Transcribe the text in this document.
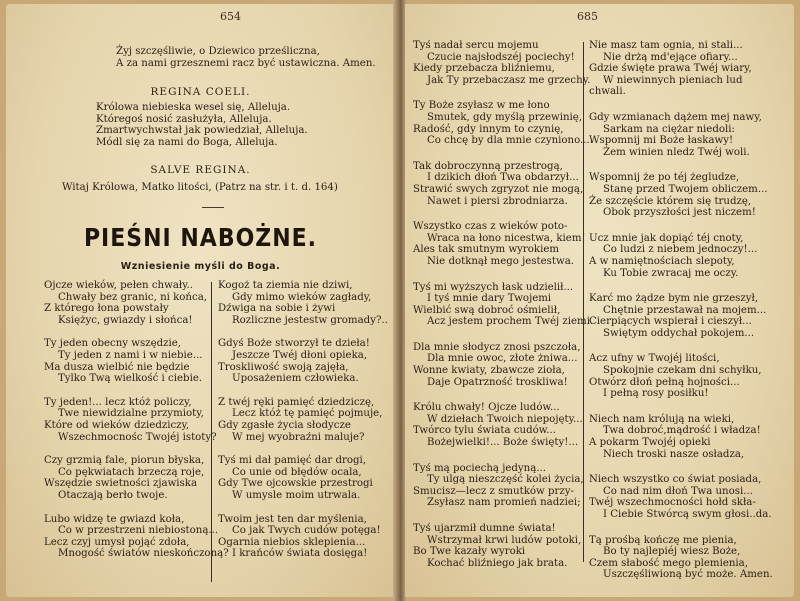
654
Żyj szczęśliwie, o Dziewico prześliczna,
A za nami grzesznemi racz być ustawiczna. Amen.
REGINA COELI.
Królowa niebieska wesel się, Alleluja.
Któregoś nosić zasłużyła, Alleluja.
Zmartwychwstał jak powiedział, Alleluja.
Módl się za nami do Boga, Alleluja.
SALVE REGINA.
Witaj Królowa, Matko litości, (Patrz na str. i t. d. 164)
PIEŚNI NABOŻNE.
Wzniesienie myśli do Boga.
Ojcze wieków, pełen chwały..
Chwały bez granic, ni końca,
Z którego łona powstały
Księżyc, gwiazdy i słońca!
Ty jeden obecny wszędzie,
Ty jeden z nami i w niebie...
Ma dusza wielbić nie będzie
Tylko Twą wielkość i ciebie.
Ty jeden!... lecz któż policzy,
Twe niewidzialne przymioty,
Które od wieków dziedziczy,
Wszechmocnośc Twojéj istoty?
Czy grzmią fale, piorun błyska,
Co pękwiatach brzeczą roje,
Wszędzie swietności zjawiska
Otaczają berło twoje.
Lubo widzę te gwiazd koła,
Co w przestrzeni niebiostoną...
Lecz czyj umysł pojąć zdoła,
Mnogość światów nieskończoną?
Kogoż ta ziemia nie dziwi,
Gdy mimo wieków zagłady,
Dźwiga na sobie i żywi
Rozliczne jestestw gromady?..
Gdyś Boże stworzył te dzieła!
Jeszcze Twéj dłoni opieka,
Troskliwość swoją zajęła,
Uposażeniem człowieka.
Z twéj ręki pamięć dziedziczę,
Lecz któż tę pamięć pojmuje,
Gdy zgasłe życia słodycze
W mej wyobraźni maluje?
Tyś mi dał pamięć dar drogi,
Co unie od błędów ocala,
Gdy Twe ojcowskie przestrogi
W umysle moim utrwala.
Twoim jest ten dar myślenia,
Co jak Twych cudów potęga!
Ogarnia niebios sklepienia...
I krańców świata dosięga!
685
Tyś nadał sercu mojemu
Czucie najsłodszéj pociechy!
Kiedy przebacza bliźniemu,
Jak Ty przebaczasz me grzechy.
Ty Boże zsyłasz w me łono
Smutek, gdy myślą przewinię,
Radość, gdy innym to czynię,
Co chcę by dla mnie czyniono....
Tak dobroczynną przestrogą,
I dzikich dłoń Twa obdarzył...
Strawić swych zgryzot nie mogą,
Nawet i piersi zbrodniarza.
Wszystko czas z wieków poto-
Wraca na łono nicestwa, kiem!
Ales tak smutnym wyrokiem
Nie dotknął mego jestestwa.
Tyś mi wyższych łask udzielił...
I tyś mnie dary Twojemi
Wielbić swą dobroć ośmielił,
Acz jestem prochem Twéj ziemi.
Dla mnie słodycz znosi pszczoła,
Dla mnie owoc, złote żniwa...
Wonne kwiaty, zbawcze zioła,
Daje Opatrzność troskliwa!
Królu chwały! Ojcze ludów...
W dziełach Twoich niepojęty...
Twórco tylu świata cudów...
Bożejwielki!... Boże święty!...
Tyś mą pociechą jedyną...
Ty ulgą nieszczęść kolei życia,
Smucisz—lecz z smutków przy-
Zsyłasz nam promień nadziei;
Tyś ujarzmił dumne świata!
Wstrzymał krwi ludów potoki,
Bo Twe kazały wyroki
Kochać bliźniego jak brata.
Nie masz tam ognia, ni stali...
Nie drżą md'ejące ofiary...
Gdzie święte prawa Twéj wiary,
W niewinnych pieniach lud
chwali.
Gdy wzmianach dążem mej nawy,
Sarkam na ciężar niedoli:
Wspomnij mi Boże łaskawy!
Żem winien nledz Twéj woli.
Wspomnij że po téj żegludze,
Stanę przed Twojem obliczem...
Że szczęście którem się trudzę,
Obok przyszłości jest niczem!
Ucz mnie jak dopiąć téj cnoty,
Co ludzi z niebem jednoczy!...
A w namiętnościach slepoty,
Ku Tobie zwracaj me oczy.
Karć mo żądze bym nie grzeszył,
Chętnie przestawał na mojem...
Cierpiących wspierał i cieszył...
Swiętym oddychał pokojem...
Acz ufny w Twojéj litości,
Spokojnie czekam dni schyłku,
Otwórz dłoń pełną hojności...
I pełną rosy posiłku!
Niech nam królują na wieki,
Twa dobroć,mądrość i władza!
A pokarm Twojéj opieki
Niech troski nasze osładza,
Niech wszystko co świat posiada,
Co nad nim dłoń Twa unosi...
Twéj wszechmocności hołd skła-
I Ciebie Stwórcą swym głosi..da.
Tą prośbą kończę me pienia,
Bo ty najlepiéj wiesz Boże,
Czem słabość mego plemienia,
Uszczęśliwioną być może. Amen.
